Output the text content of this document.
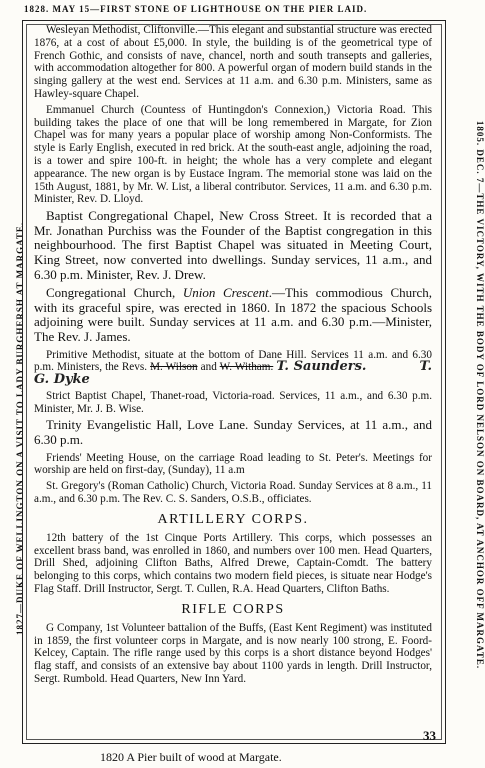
1828. MAY 15—FIRST STONE OF LIGHTHOUSE ON THE PIER LAID.
1827—DUKE OF WELLINGTON ON A VISIT TO LADY BURGHERSH AT MARGATE.	1805. DEC. 7—THE VICTORY, WITH THE BODY OF LORD NELSON ON BOARD, AT ANCHOR OFF MARGATE.

Wesleyan Methodist, Cliftonville.—This elegant and substantial structure was erected 1876, at a cost of about £5,000. In style, the building is of the geometrical type of French Gothic, and consists of nave, chancel, north and south transepts and galleries, with accommodation altogether for 800. A powerful organ of modern build stands in the singing gallery at the west end. Services at 11 a.m. and 6.30 p.m. Ministers, same as Hawley-square Chapel.

Emmanuel Church (Countess of Huntingdon's Connexion,) Victoria Road. This building takes the place of one that will be long remembered in Margate, for Zion Chapel was for many years a popular place of worship among Non-Conformists. The style is Early English, executed in red brick. At the south-east angle, adjoining the road, is a tower and spire 100-ft. in height; the whole has a very complete and elegant appearance. The new organ is by Eustace Ingram. The memorial stone was laid on the 15th August, 1881, by Mr. W. List, a liberal contributor. Services, 11 a.m. and 6.30 p.m. Minister, Rev. D. Lloyd.

Baptist Congregational Chapel, New Cross Street. It is recorded that a Mr. Jonathan Purchiss was the Founder of the Baptist congregation in this neighbourhood. The first Baptist Chapel was situated in Meeting Court, King Street, now converted into dwellings. Sunday services, 11 a.m., and 6.30 p.m. Minister, Rev. J. Drew.

Congregational Church, Union Crescent.—This commodious Church, with its graceful spire, was erected in 1860. In 1872 the spacious Schools adjoining were built. Sunday services at 11 a.m. and 6.30 p.m.—Minister, The Rev. J. James.

Primitive Methodist, situate at the bottom of Dane Hill. Services 11 a.m. and 6.30 p.m. Ministers, the Revs. M. Wilson and W. Witham. T. Saunders.	T. G. Dyke

Strict Baptist Chapel, Thanet-road, Victoria-road. Services, 11 a.m., and 6.30 p.m. Minister, Mr. J. B. Wise.

Trinity Evangelistic Hall, Love Lane. Sunday Services, at 11 a.m., and 6.30 p.m.

Friends' Meeting House, on the carriage Road leading to St. Peter's. Meetings for worship are held on first-day, (Sunday), 11 a.m

St. Gregory's (Roman Catholic) Church, Victoria Road. Sunday Services at 8 a.m., 11 a.m., and 6.30 p.m. The Rev. C. S. Sanders, O.S.B., officiates.

ARTILLERY CORPS.

12th battery of the 1st Cinque Ports Artillery. This corps, which possesses an excellent brass band, was enrolled in 1860, and numbers over 100 men. Head Quarters, Drill Shed, adjoining Clifton Baths, Alfred Drewe, Captain-Comdt. The battery belonging to this corps, which contains two modern field pieces, is situate near Hodge's Flag Staff. Drill Instructor, Sergt. T. Cullen, R.A. Head Quarters, Clifton Baths.

RIFLE CORPS

G Company, 1st Volunteer battalion of the Buffs, (East Kent Regiment) was instituted in 1859, the first volunteer corps in Margate, and is now nearly 100 strong, E. Foord-Kelcey, Captain. The rifle range used by this corps is a short distance beyond Hodges' flag staff, and consists of an extensive bay about 1100 yards in length. Drill Instructor, Sergt. Rumbold. Head Quarters, New Inn Yard.

33
1820 A Pier built of wood at Margate.
